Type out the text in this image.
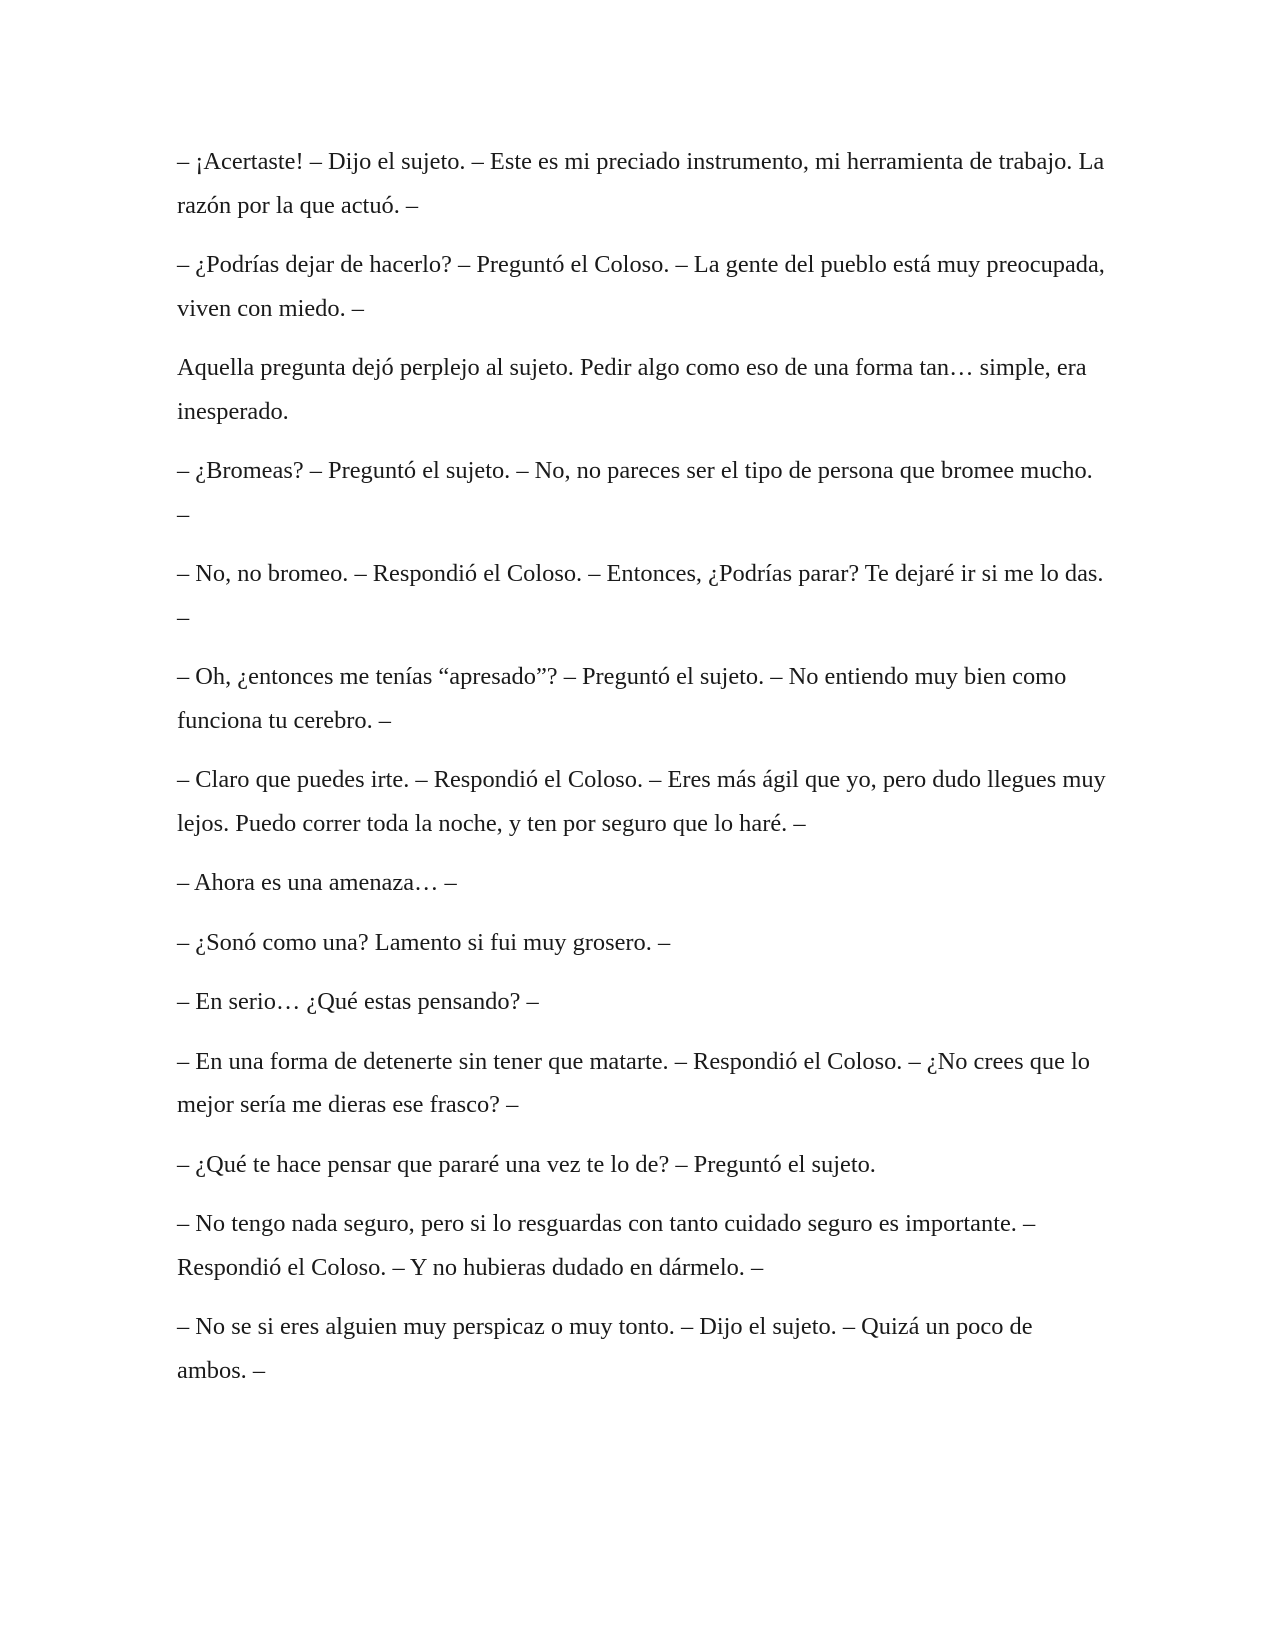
– ¡Acertaste! – Dijo el sujeto. – Este es mi preciado instrumento, mi herramienta de trabajo. La razón por la que actuó. –

– ¿Podrías dejar de hacerlo? – Preguntó el Coloso. – La gente del pueblo está muy preocupada, viven con miedo. –

Aquella pregunta dejó perplejo al sujeto. Pedir algo como eso de una forma tan… simple, era inesperado.

– ¿Bromeas? – Preguntó el sujeto. – No, no pareces ser el tipo de persona que bromee mucho. –

– No, no bromeo. – Respondió el Coloso. – Entonces, ¿Podrías parar? Te dejaré ir si me lo das. –

– Oh, ¿entonces me tenías “apresado”? – Preguntó el sujeto. – No entiendo muy bien como funciona tu cerebro. –

– Claro que puedes irte. – Respondió el Coloso. – Eres más ágil que yo, pero dudo llegues muy lejos. Puedo correr toda la noche, y ten por seguro que lo haré. –

– Ahora es una amenaza… –

– ¿Sonó como una? Lamento si fui muy grosero. –

– En serio… ¿Qué estas pensando? –

– En una forma de detenerte sin tener que matarte. – Respondió el Coloso. – ¿No crees que lo mejor sería me dieras ese frasco? –

– ¿Qué te hace pensar que pararé una vez te lo de? – Preguntó el sujeto.

– No tengo nada seguro, pero si lo resguardas con tanto cuidado seguro es importante. – Respondió el Coloso. – Y no hubieras dudado en dármelo. –

– No se si eres alguien muy perspicaz o muy tonto. – Dijo el sujeto. – Quizá un poco de ambos. –
